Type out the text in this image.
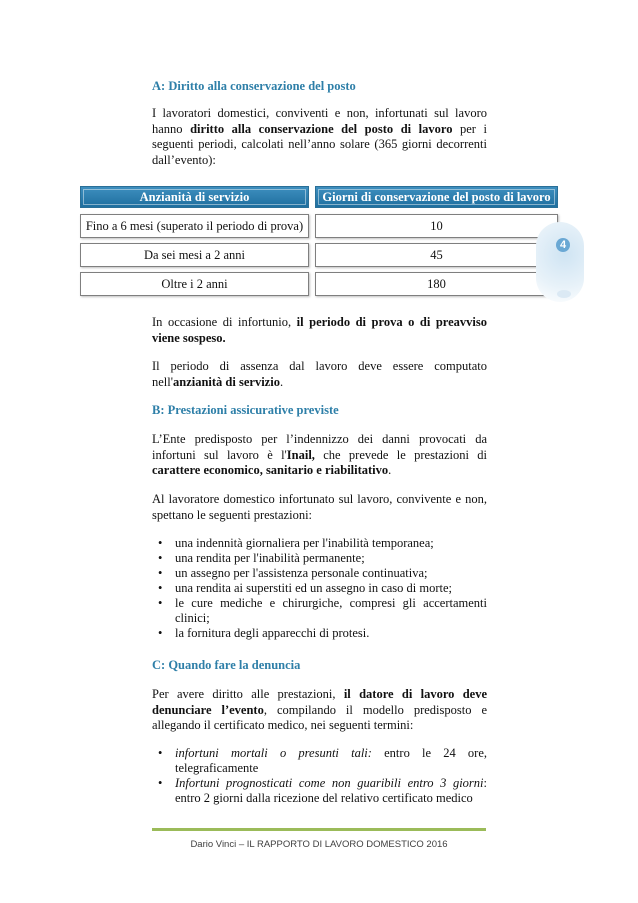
A: Diritto alla conservazione del posto
I lavoratori domestici, conviventi e non, infortunati sul lavoro hanno diritto alla conservazione del posto di lavoro per i seguenti periodi, calcolati nell’anno solare (365 giorni decorrenti dall’evento):
Anzianità di servizio	Giorni di conservazione del posto di lavoro
Fino a 6 mesi (superato il periodo di prova)	10
Da sei mesi a 2 anni	45
Oltre i 2 anni	180
4
In occasione di infortunio, il periodo di prova o di preavviso viene sospeso.
Il periodo di assenza dal lavoro deve essere computato nell'anzianità di servizio.
B: Prestazioni assicurative previste
L’Ente predisposto per l’indennizzo dei danni provocati da infortuni sul lavoro è l'Inail, che prevede le prestazioni di carattere economico, sanitario e riabilitativo.
Al lavoratore domestico infortunato sul lavoro, convivente e non, spettano le seguenti prestazioni:
• una indennità giornaliera per l'inabilità temporanea;
• una rendita per l'inabilità permanente;
• un assegno per l'assistenza personale continuativa;
• una rendita ai superstiti ed un assegno in caso di morte;
• le cure mediche e chirurgiche, compresi gli accertamenti clinici;
• la fornitura degli apparecchi di protesi.
C: Quando fare la denuncia
Per avere diritto alle prestazioni, il datore di lavoro deve denunciare l’evento, compilando il modello predisposto e allegando il certificato medico, nei seguenti termini:
• infortuni mortali o presunti tali: entro le 24 ore, telegraficamente
• Infortuni prognosticati come non guaribili entro 3 giorni: entro 2 giorni dalla ricezione del relativo certificato medico
Dario Vinci – IL RAPPORTO DI LAVORO DOMESTICO 2016
